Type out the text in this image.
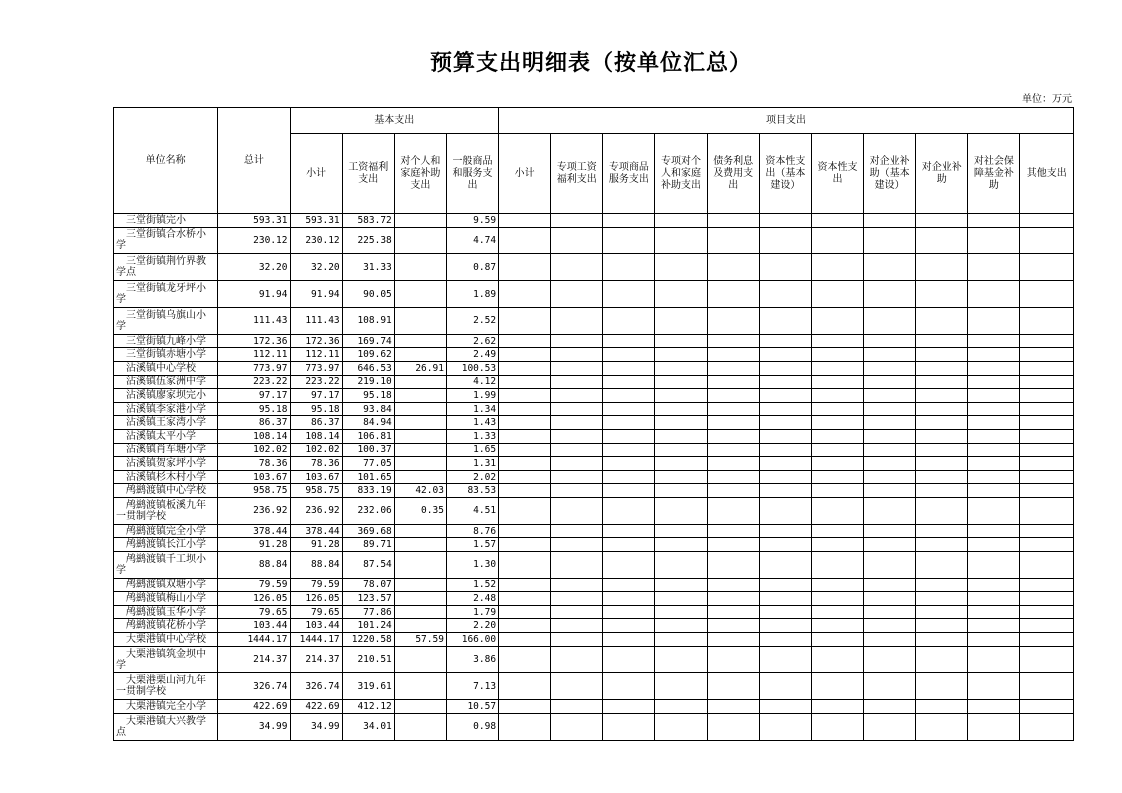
预算支出明细表（按单位汇总）
单位：万元
单位名称	总计	基本支出				项目支出										
		小计	工资福利支出	对个人和家庭补助支出	一般商品和服务支出	小计	专项工资福利支出	专项商品服务支出	专项对个人和家庭补助支出	债务利息及费用支出	资本性支出（基本建设）	资本性支出	对企业补助（基本建设）	对企业补助	对社会保障基金补助	其他支出
三堂街镇完小	593.31	593.31	583.72		9.59											
三堂街镇合水桥小学	230.12	230.12	225.38		4.74											
三堂街镇荆竹界教学点	32.20	32.20	31.33		0.87											
三堂街镇龙牙坪小学	91.94	91.94	90.05		1.89											
三堂街镇乌旗山小学	111.43	111.43	108.91		2.52											
三堂街镇九峰小学	172.36	172.36	169.74		2.62											
三堂街镇赤塘小学	112.11	112.11	109.62		2.49											
沾溪镇中心学校	773.97	773.97	646.53	26.91	100.53											
沾溪镇伍家洲中学	223.22	223.22	219.10		4.12											
沾溪镇廖家坝完小	97.17	97.17	95.18		1.99											
沾溪镇李家港小学	95.18	95.18	93.84		1.34											
沾溪镇王家湾小学	86.37	86.37	84.94		1.43											
沾溪镇太平小学	108.14	108.14	106.81		1.33											
沾溪镇肖车塘小学	102.02	102.02	100.37		1.65											
沾溪镇贺家坪小学	78.36	78.36	77.05		1.31											
沾溪镇杉木村小学	103.67	103.67	101.65		2.02											
鸬鹚渡镇中心学校	958.75	958.75	833.19	42.03	83.53											
鸬鹚渡镇板溪九年一贯制学校	236.92	236.92	232.06	0.35	4.51											
鸬鹚渡镇完全小学	378.44	378.44	369.68		8.76											
鸬鹚渡镇长江小学	91.28	91.28	89.71		1.57											
鸬鹚渡镇千工坝小学	88.84	88.84	87.54		1.30											
鸬鹚渡镇双塘小学	79.59	79.59	78.07		1.52											
鸬鹚渡镇梅山小学	126.05	126.05	123.57		2.48											
鸬鹚渡镇玉华小学	79.65	79.65	77.86		1.79											
鸬鹚渡镇花桥小学	103.44	103.44	101.24		2.20											
大栗港镇中心学校	1444.17	1444.17	1220.58	57.59	166.00											
大栗港镇筑金坝中学	214.37	214.37	210.51		3.86											
大栗港栗山河九年一贯制学校	326.74	326.74	319.61		7.13											
大栗港镇完全小学	422.69	422.69	412.12		10.57											
大栗港镇大兴教学点	34.99	34.99	34.01		0.98											
